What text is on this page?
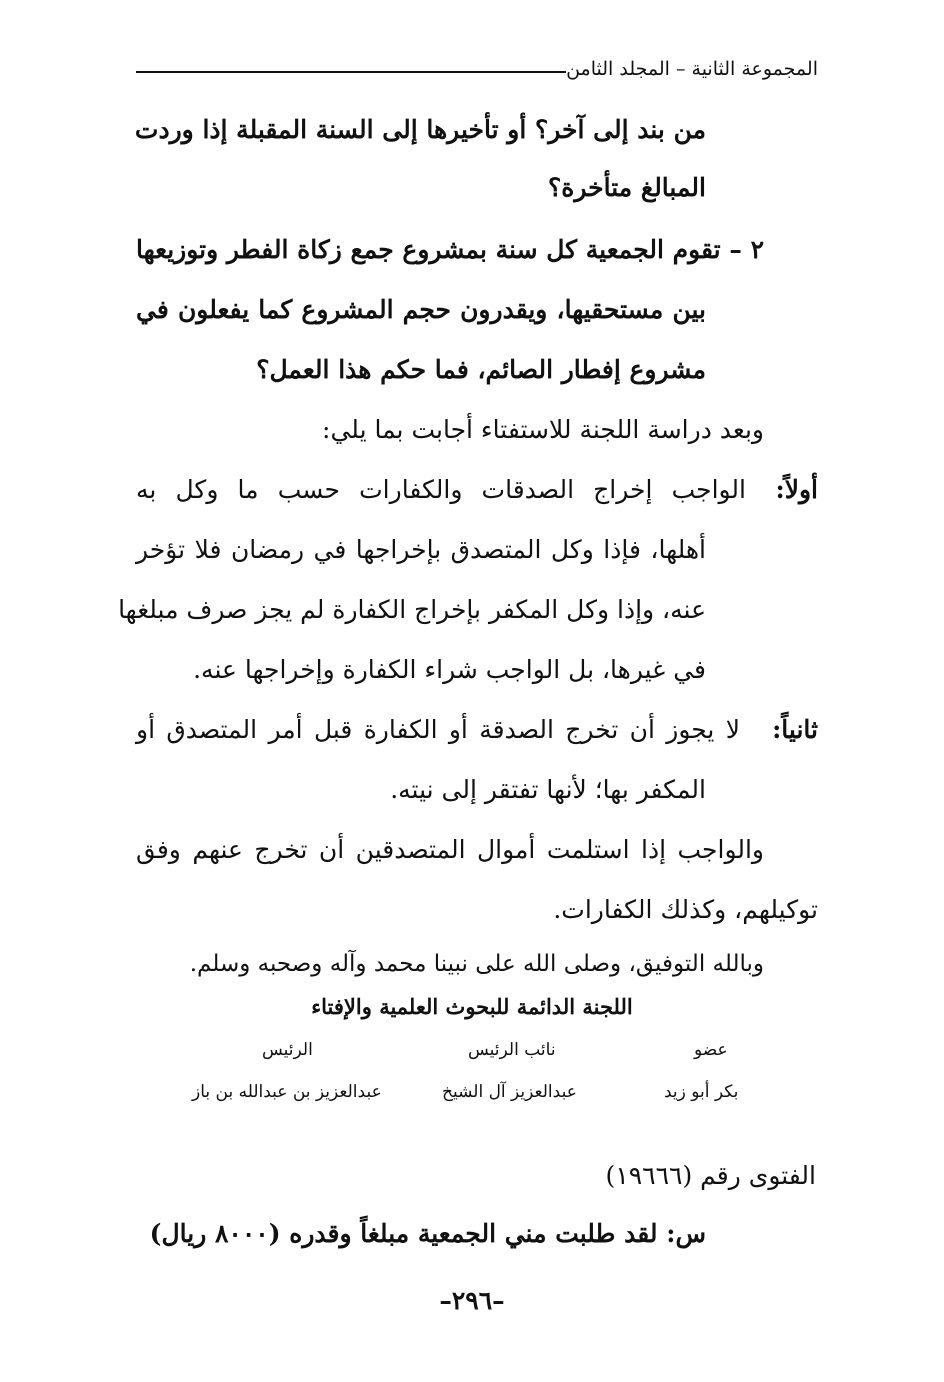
المجموعة الثانية – المجلد الثامن
من بند إلى آخر؟ أو تأخيرها إلى السنة المقبلة إذا وردت
المبالغ متأخرة؟
٢ – تقوم الجمعية كل سنة بمشروع جمع زكاة الفطر وتوزيعها
بين مستحقيها، ويقدرون حجم المشروع كما يفعلون في
مشروع إفطار الصائم، فما حكم هذا العمل؟
وبعد دراسة اللجنة للاستفتاء أجابت بما يلي:
أولاً:
الواجب إخراج الصدقات والكفارات حسب ما وكل به
أهلها، فإذا وكل المتصدق بإخراجها في رمضان فلا تؤخر
عنه، وإذا وكل المكفر بإخراج الكفارة لم يجز صرف مبلغها
في غيرها، بل الواجب شراء الكفارة وإخراجها عنه.
ثانياً:
لا يجوز أن تخرج الصدقة أو الكفارة قبل أمر المتصدق أو
المكفر بها؛ لأنها تفتقر إلى نيته.
والواجب إذا استلمت أموال المتصدقين أن تخرج عنهم وفق
توكيلهم، وكذلك الكفارات.
وبالله التوفيق، وصلى الله على نبينا محمد وآله وصحبه وسلم.
اللجنة الدائمة للبحوث العلمية والإفتاء
الرئيس
عبدالعزيز بن عبدالله بن باز
نائب الرئيس
عبدالعزيز آل الشيخ
عضو
بكر أبو زيد
الفتوى رقم (١٩٦٦٦)
س: لقد طلبت مني الجمعية مبلغاً وقدره (٨٠٠٠ ريال)
–٢٩٦–
